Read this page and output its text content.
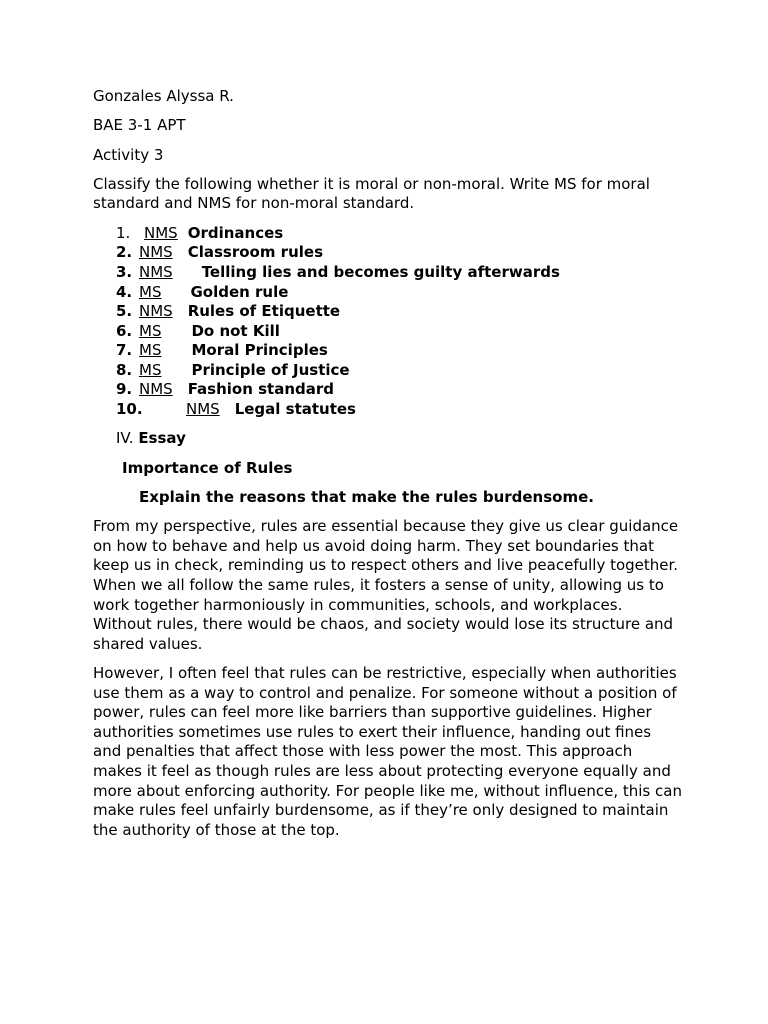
Gonzales Alyssa R.

BAE 3-1 APT

Activity 3

Classify the following whether it is moral or non-moral. Write MS for moral standard and NMS for non-moral standard.

1. NMS Ordinances
2. NMS Classroom rules
3. NMS Telling lies and becomes guilty afterwards
4. MS Golden rule
5. NMS Rules of Etiquette
6. MS Do not Kill
7. MS Moral Principles
8. MS Principle of Justice
9. NMS Fashion standard
10.	NMS Legal statutes

IV. Essay

Importance of Rules

Explain the reasons that make the rules burdensome.

From my perspective, rules are essential because they give us clear guidance on how to behave and help us avoid doing harm. They set boundaries that keep us in check, reminding us to respect others and live peacefully together. When we all follow the same rules, it fosters a sense of unity, allowing us to work together harmoniously in communities, schools, and workplaces. Without rules, there would be chaos, and society would lose its structure and shared values.

However, I often feel that rules can be restrictive, especially when authorities use them as a way to control and penalize. For someone without a position of power, rules can feel more like barriers than supportive guidelines. Higher authorities sometimes use rules to exert their influence, handing out fines and penalties that affect those with less power the most. This approach makes it feel as though rules are less about protecting everyone equally and more about enforcing authority. For people like me, without influence, this can make rules feel unfairly burdensome, as if they’re only designed to maintain the authority of those at the top.
